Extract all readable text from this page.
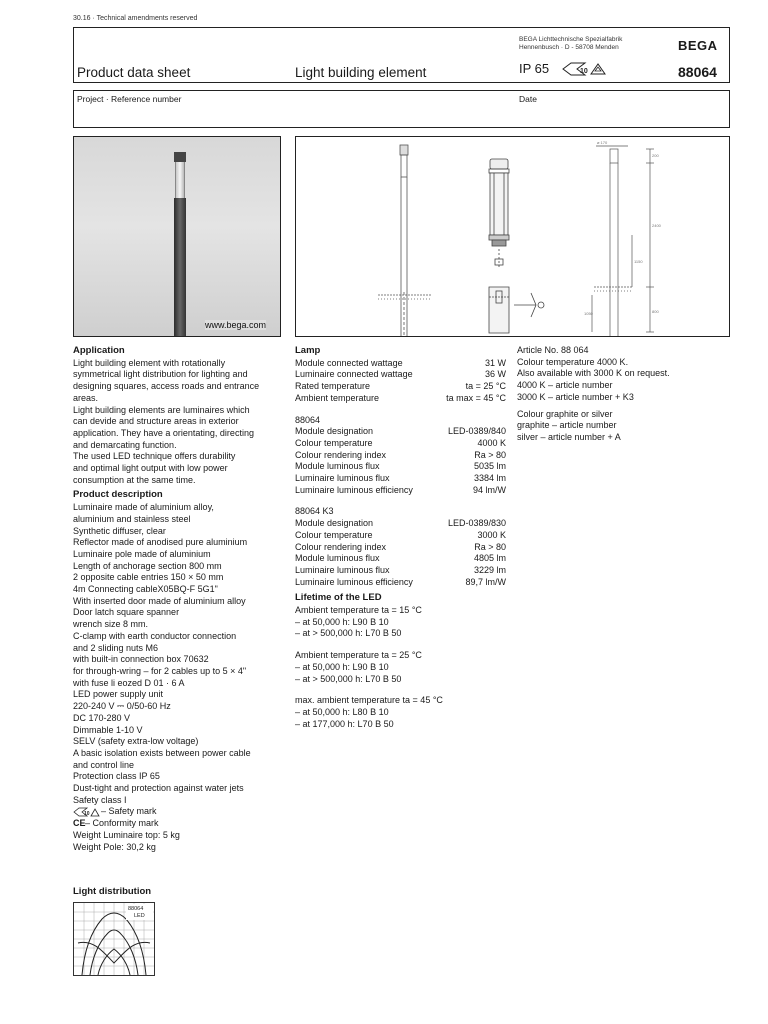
30.16 · Technical amendments reserved
BEGA Lichttechnische Spezialfabrik
Hennenbusch · D - 58708 Menden	BEGA
Product data sheet	Light building element	IP 65	10	88064
Project · Reference number	Date
www.bega.com
⌀ 170
200
2400
1150
800
1050
Application
Light building element with rotationally
symmetrical light distribution for lighting and
designing squares, access roads and entrance
areas.
Light building elements are luminaires which
can devide and structure areas in exterior
application. They have a orientating, directing
and demarcating function.
The used LED technique offers durability
and optimal light output with low power
consumption at the same time.
Product description
Luminaire made of aluminium alloy,
aluminium and stainless steel
Synthetic diffuser, clear
Reflector made of anodised pure aluminium
Luminaire pole made of aluminium
Length of anchorage section 800 mm
2 opposite cable entries 150 × 50 mm
4m Connecting cableX05BQ-F 5G1"
With inserted door made of aluminium alloy
Door latch square spanner
wrench size 8 mm.
C-clamp with earth conductor connection
and 2 sliding nuts M6
with built-in connection box 70632
for through-wring – for 2 cables up to 5 × 4"
with fuse li eozed D 01 · 6 A
LED power supply unit
220-240 V ⎓ 0/50-60 Hz
DC 170-280 V
Dimmable 1-10 V
SELV (safety extra-low voltage)
A basic isolation exists between power cable
and control line
Protection class IP 65
Dust-tight and protection against water jets
Safety class I
10 – Safety mark
CE – Conformity mark
Weight Luminaire top: 5 kg
Weight Pole: 30,2 kg
Light distribution
88064
LED
Lamp
Module connected wattage	31 W
Luminaire connected wattage	36 W
Rated temperature	ta = 25 °C
Ambient temperature	ta max = 45 °C
88064
Module designation	LED-0389/840
Colour temperature	4000 K
Colour rendering index	Ra > 80
Module luminous flux	5035 lm
Luminaire luminous flux	3384 lm
Luminaire luminous efficiency	94 lm/W
88064 K3
Module designation	LED-0389/830
Colour temperature	3000 K
Colour rendering index	Ra > 80
Module luminous flux	4805 lm
Luminaire luminous flux	3229 lm
Luminaire luminous efficiency	89,7 lm/W
Lifetime of the LED
Ambient temperature ta = 15 °C
– at 50,000 h: L90 B 10
– at > 500,000 h: L70 B 50
Ambient temperature ta = 25 °C
– at 50,000 h: L90 B 10
– at > 500,000 h: L70 B 50
max. ambient temperature ta = 45 °C
– at 50,000 h: L80 B 10
– at 177,000 h: L70 B 50
Article No. 88 064
Colour temperature 4000 K.
Also available with 3000 K on request.
4000 K – article number
3000 K – article number + K3
Colour graphite or silver
graphite – article number
silver – article number + A
